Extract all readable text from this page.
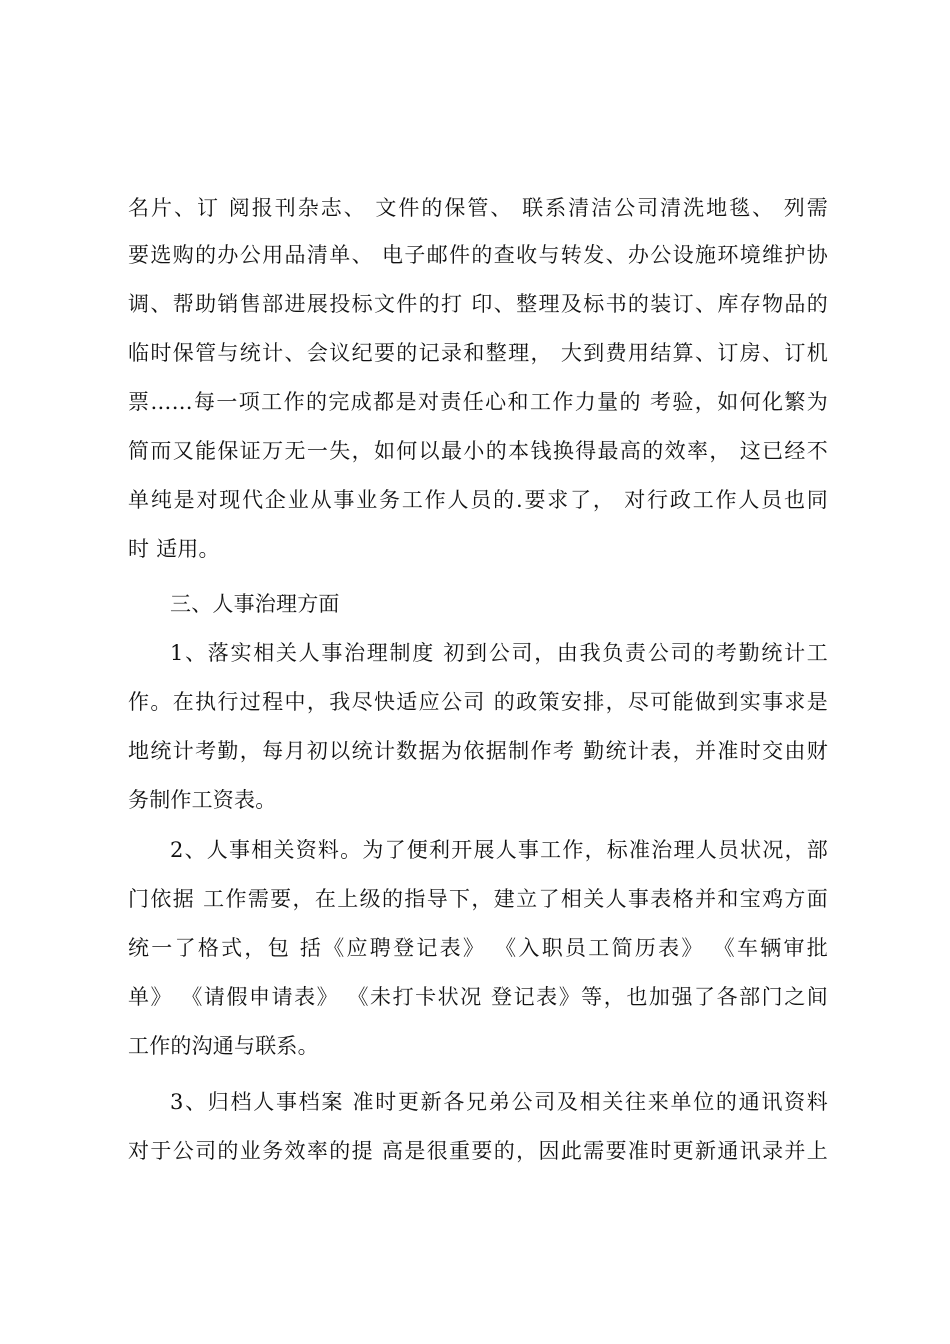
名片、订 阅报刊杂志、 文件的保管、 联系清洁公司清洗地毯、 列需
要选购的办公用品清单、 电子邮件的查收与转发、办公设施环境维护协
调、帮助销售部进展投标文件的打 印、整理及标书的装订、库存物品的
临时保管与统计、会议纪要的记录和整理， 大到费用结算、订房、订机
票……每一项工作的完成都是对责任心和工作力量的 考验，如何化繁为
简而又能保证万无一失，如何以最小的本钱换得最高的效率， 这已经不
单纯是对现代企业从事业务工作人员的.要求了， 对行政工作人员也同
时 适用。
三、人事治理方面
1、落实相关人事治理制度 初到公司，由我负责公司的考勤统计工
作。在执行过程中，我尽快适应公司 的政策安排，尽可能做到实事求是
地统计考勤，每月初以统计数据为依据制作考 勤统计表，并准时交由财
务制作工资表。
2、人事相关资料。为了便利开展人事工作，标准治理人员状况，部
门依据 工作需要，在上级的指导下，建立了相关人事表格并和宝鸡方面
统一了格式，包 括《应聘登记表》 《入职员工简历表》 《车辆审批
单》 《请假申请表》 《未打卡状况 登记表》等，也加强了各部门之间
工作的沟通与联系。
3、归档人事档案 准时更新各兄弟公司及相关往来单位的通讯资料
对于公司的业务效率的提 高是很重要的，因此需要准时更新通讯录并上
